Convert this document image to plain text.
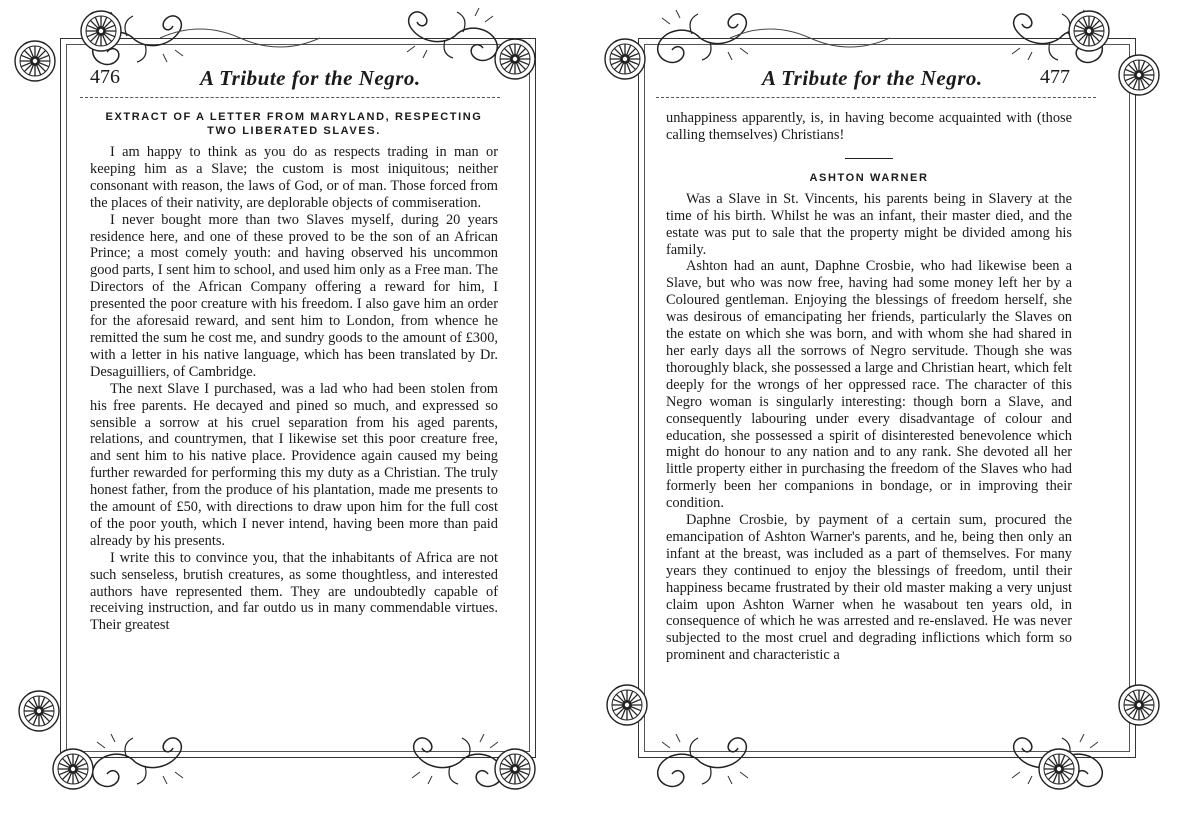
476	A Tribute for the Negro.
EXTRACT OF A LETTER FROM MARYLAND, RESPECTING TWO LIBERATED SLAVES.

I am happy to think as you do as respects trading in man or keeping him as a Slave; the custom is most iniquitous; neither consonant with reason, the laws of God, or of man. Those forced from the places of their nativity, are deplorable objects of commiseration.

I never bought more than two Slaves myself, during 20 years residence here, and one of these proved to be the son of an African Prince; a most comely youth: and having observed his uncommon good parts, I sent him to school, and used him only as a Free man. The Directors of the African Company offering a reward for him, I presented the poor creature with his freedom. I also gave him an order for the aforesaid reward, and sent him to London, from whence he remitted the sum he cost me, and sundry goods to the amount of £300, with a letter in his native language, which has been translated by Dr. Desaguilliers, of Cambridge.

The next Slave I purchased, was a lad who had been stolen from his free parents. He decayed and pined so much, and expressed so sensible a sorrow at his cruel separation from his aged parents, relations, and countrymen, that I likewise set this poor creature free, and sent him to his native place. Providence again caused my being further rewarded for performing this my duty as a Christian. The truly honest father, from the produce of his plantation, made me presents to the amount of £50, with directions to draw upon him for the full cost of the poor youth, which I never intend, having been more than paid already by his presents.

I write this to convince you, that the inhabitants of Africa are not such senseless, brutish creatures, as some thoughtless, and interested authors have represented them. They are undoubtedly capable of receiving instruction, and far outdo us in many commendable virtues. Their greatest

A Tribute for the Negro.	477

unhappiness apparently, is, in having become acquainted with (those calling themselves) Christians!

ASHTON WARNER

Was a Slave in St. Vincents, his parents being in Slavery at the time of his birth. Whilst he was an infant, their master died, and the estate was put to sale that the property might be divided among his family.

Ashton had an aunt, Daphne Crosbie, who had likewise been a Slave, but who was now free, having had some money left her by a Coloured gentleman. Enjoying the blessings of freedom herself, she was desirous of emancipating her friends, particularly the Slaves on the estate on which she was born, and with whom she had shared in her early days all the sorrows of Negro servitude. Though she was thoroughly black, she possessed a large and Christian heart, which felt deeply for the wrongs of her oppressed race. The character of this Negro woman is singularly interesting: though born a Slave, and consequently labouring under every disadvantage of colour and education, she possessed a spirit of disinterested benevolence which might do honour to any nation and to any rank. She devoted all her little property either in purchasing the freedom of the Slaves who had formerly been her companions in bondage, or in improving their condition.

Daphne Crosbie, by payment of a certain sum, procured the emancipation of Ashton Warner's parents, and he, being then only an infant at the breast, was included as a part of themselves. For many years they continued to enjoy the blessings of freedom, until their happiness became frustrated by their old master making a very unjust claim upon Ashton Warner when he wasabout ten years old, in consequence of which he was arrested and re-enslaved. He was never subjected to the most cruel and degrading inflictions which form so prominent and characteristic a
